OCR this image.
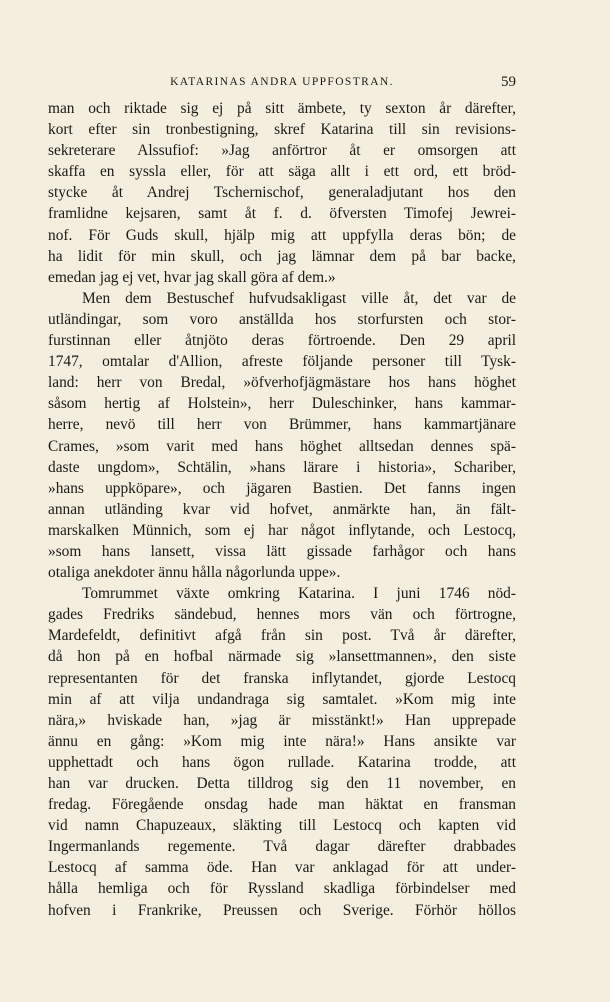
KATARINAS ANDRA UPPFOSTRAN.	59

man och riktade sig ej på sitt ämbete, ty sexton år därefter,
kort efter sin tronbestigning, skref Katarina till sin revisions-
sekreterare Alssufiof: »Jag anförtror åt er omsorgen att
skaffa en syssla eller, för att säga allt i ett ord, ett bröd-
stycke åt Andrej Tschernischof, generaladjutant hos den
framlidne kejsaren, samt åt f. d. öfversten Timofej Jewrei-
nof. För Guds skull, hjälp mig att uppfylla deras bön; de
ha lidit för min skull, och jag lämnar dem på bar backe,
emedan jag ej vet, hvar jag skall göra af dem.»

Men dem Bestuschef hufvudsakligast ville åt, det var de
utländingar, som voro anställda hos storfursten och stor-
furstinnan eller åtnjöto deras förtroende. Den 29 april
1747, omtalar d'Allion, afreste följande personer till Tysk-
land: herr von Bredal, »öfverhofjägmästare hos hans höghet
såsom hertig af Holstein», herr Duleschinker, hans kammar-
herre, nevö till herr von Brümmer, hans kammartjänare
Crames, »som varit med hans höghet alltsedan dennes spä-
daste ungdom», Schtälin, »hans lärare i historia», Schariber,
»hans uppköpare», och jägaren Bastien. Det fanns ingen
annan utländing kvar vid hofvet, anmärkte han, än fält-
marskalken Münnich, som ej har något inflytande, och Lestocq,
»som hans lansett, vissa lätt gissade farhågor och hans
otaliga anekdoter ännu hålla någorlunda uppe».

Tomrummet växte omkring Katarina. I juni 1746 nöd-
gades Fredriks sändebud, hennes mors vän och förtrogne,
Mardefeldt, definitivt afgå från sin post. Två år därefter,
då hon på en hofbal närmade sig »lansettmannen», den siste
representanten för det franska inflytandet, gjorde Lestocq
min af att vilja undandraga sig samtalet. »Kom mig inte
nära,» hviskade han, »jag är misstänkt!» Han upprepade
ännu en gång: »Kom mig inte nära!» Hans ansikte var
upphettadt och hans ögon rullade. Katarina trodde, att
han var drucken. Detta tilldrog sig den 11 november, en
fredag. Föregående onsdag hade man häktat en fransman
vid namn Chapuzeaux, släkting till Lestocq och kapten vid
Ingermanlands regemente. Två dagar därefter drabbades
Lestocq af samma öde. Han var anklagad för att under-
hålla hemliga och för Ryssland skadliga förbindelser med
hofven i Frankrike, Preussen och Sverige. Förhör höllos
